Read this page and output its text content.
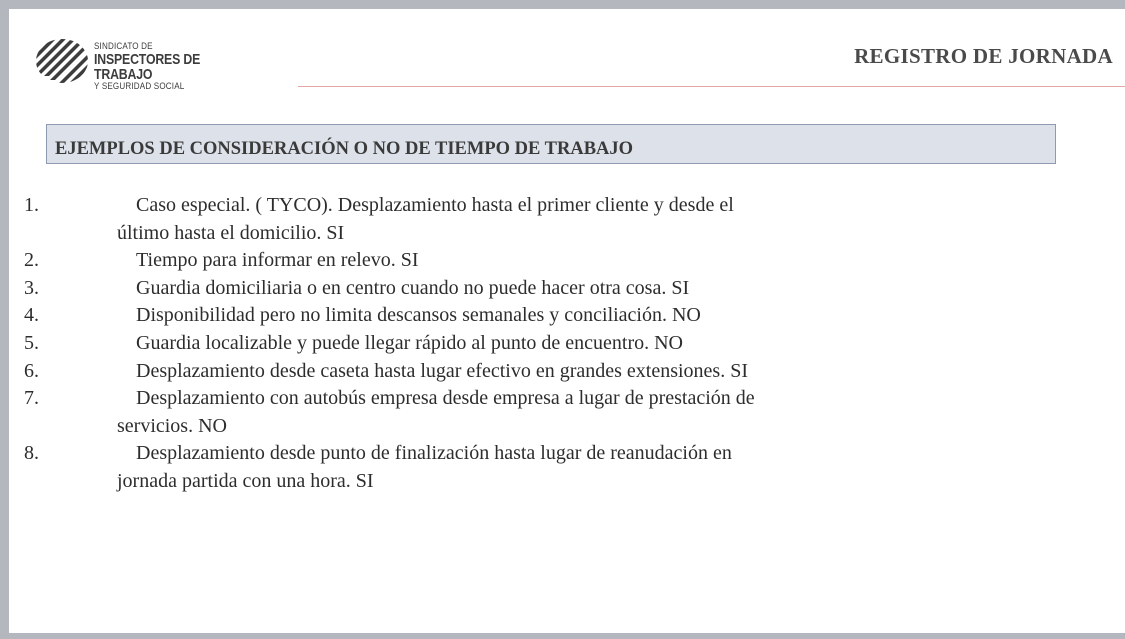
SINDICATO DE
INSPECTORES DE TRABAJO
Y SEGURIDAD SOCIAL
REGISTRO DE JORNADA
EJEMPLOS DE CONSIDERACIÓN O NO DE TIEMPO DE TRABAJO
1.	Caso especial. ( TYCO). Desplazamiento hasta el primer cliente y desde el último hasta el domicilio. SI
2.	Tiempo para informar en relevo. SI
3.	Guardia domiciliaria o en centro cuando no puede hacer otra cosa. SI
4.	Disponibilidad pero no limita descansos semanales y conciliación. NO
5.	Guardia localizable y puede llegar rápido al punto de encuentro. NO
6.	Desplazamiento desde caseta hasta lugar efectivo en grandes extensiones. SI
7.	Desplazamiento con autobús empresa desde empresa a lugar de prestación de servicios. NO
8.	Desplazamiento desde punto de finalización hasta lugar de reanudación en jornada partida con una hora. SI
